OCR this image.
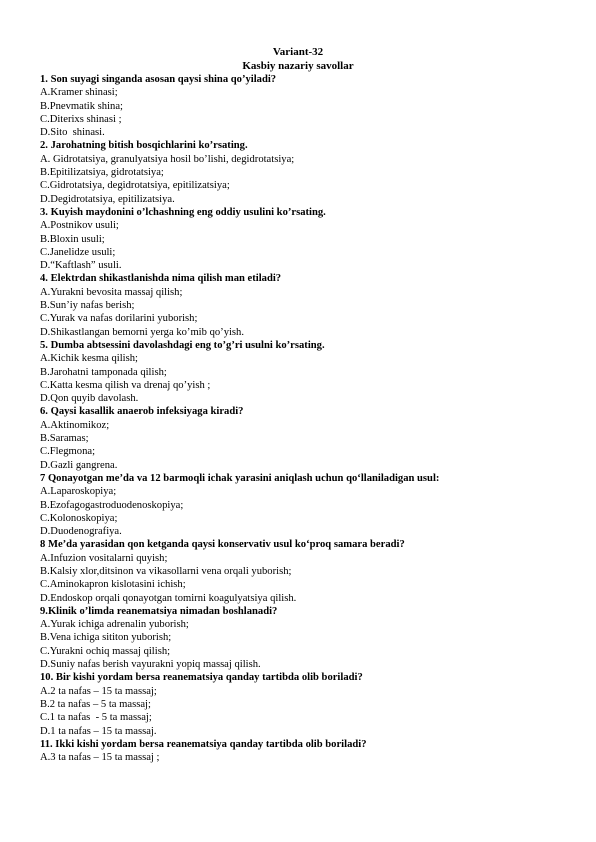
Variant-32
Kasbiy nazariy savollar
1. Son suyagi singanda asosan qaysi shina qo’yiladi?
A.Kramer shinasi;
B.Pnevmatik shina;
C.Diterixs shinasi ;
D.Sito  shinasi.
2. Jarohatning bitish bosqichlarini ko’rsating.
A. Gidrotatsiya, granulyatsiya hosil bo’lishi, degidrotatsiya;
B.Epitilizatsiya, gidrotatsiya;
C.Gidrotatsiya, degidrotatsiya, epitilizatsiya;
D.Degidrotatsiya, epitilizatsiya.
3. Kuyish maydonini o’lchashning eng oddiy usulini ko’rsating.
A.Postnikov usuli;
B.Bloxin usuli;
C.Janelidze usuli;
D.“Kaftlash” usuli.
4. Elektrdan shikastlanishda nima qilish man etiladi?
A.Yurakni bevosita massaj qilish;
B.Sun’iy nafas berish;
C.Yurak va nafas dorilarini yuborish;
D.Shikastlangan bemorni yerga ko’mib qo’yish.
5. Dumba abtsessini davolashdagi eng to’g’ri usulni ko’rsating.
A.Kichik kesma qilish;
B.Jarohatni tamponada qilish;
C.Katta kesma qilish va drenaj qo’yish ;
D.Qon quyib davolash.
6. Qaysi kasallik anaerob infeksiyaga kiradi?
A.Aktinomikoz;
B.Saramas;
C.Flegmona;
D.Gazli gangrena.
7 Qonayotgan me’da va 12 barmoqli ichak yarasini aniqlash uchun qo‘llaniladigan usul:
A.Laparoskopiya;
B.Ezofagogastroduodenoskopiya;
C.Kolonoskopiya;
D.Duodenografiya.
8 Me’da yarasidan qon ketganda qaysi konservativ usul ko‘proq samara beradi?
A.Infuzion vositalarni quyish;
B.Kalsiy xlor,ditsinon va vikasollarni vena orqali yuborish;
C.Aminokapron kislotasini ichish;
D.Endoskop orqali qonayotgan tomirni koagulyatsiya qilish.
9.Klinik o’limda reanematsiya nimadan boshlanadi?
A.Yurak ichiga adrenalin yuborish;
B.Vena ichiga sititon yuborish;
C.Yurakni ochiq massaj qilish;
D.Suniy nafas berish vayurakni yopiq massaj qilish.
10. Bir kishi yordam bersa reanematsiya qanday tartibda olib boriladi?
A.2 ta nafas – 15 ta massaj;
B.2 ta nafas – 5 ta massaj;
C.1 ta nafas  - 5 ta massaj;
D.1 ta nafas – 15 ta massaj.
11. Ikki kishi yordam bersa reanematsiya qanday tartibda olib boriladi?
A.3 ta nafas – 15 ta massaj ;
